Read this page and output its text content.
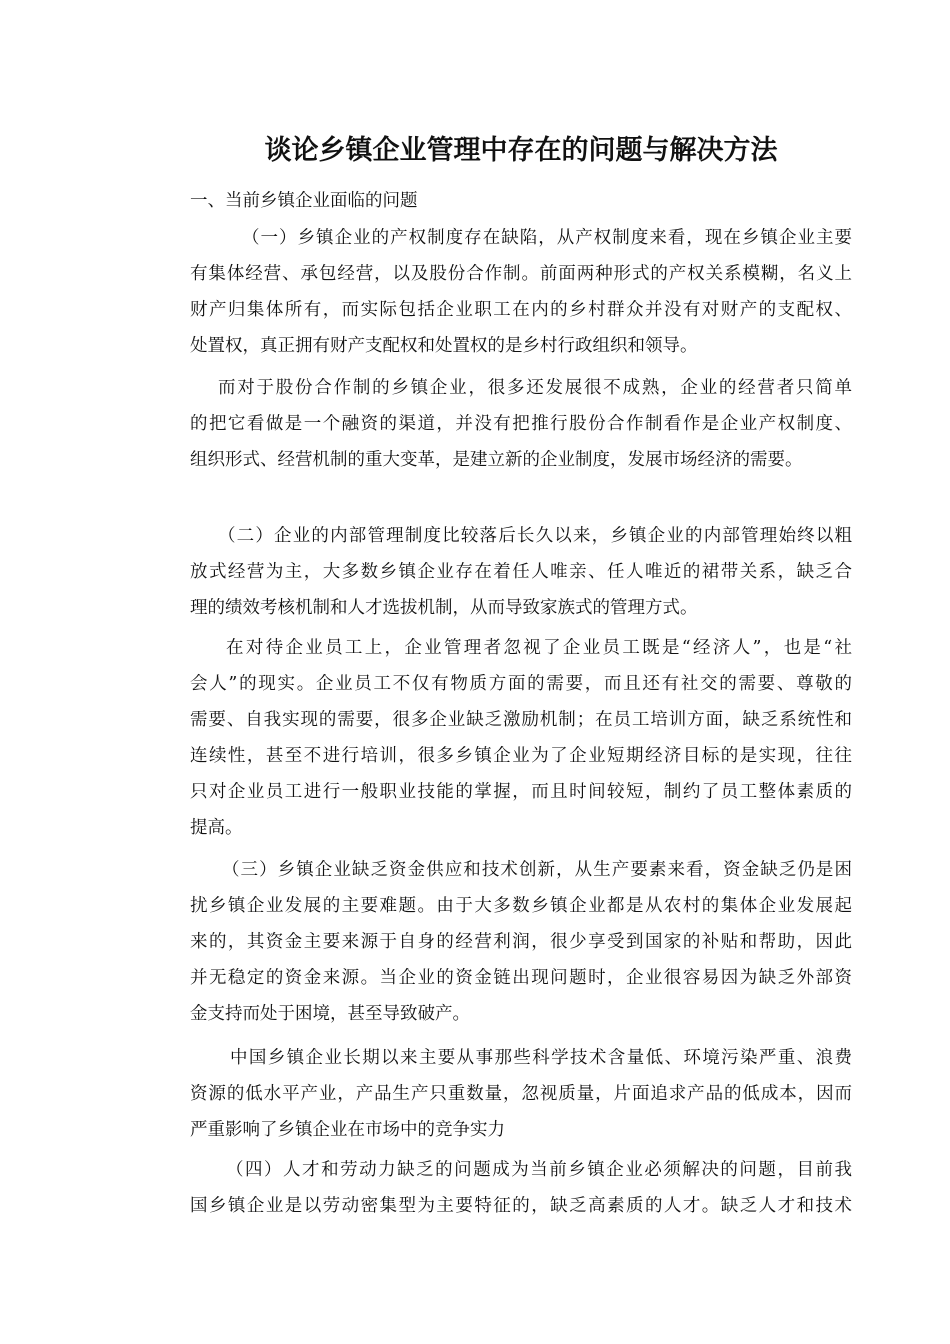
谈论乡镇企业管理中存在的问题与解决方法

一、当前乡镇企业面临的问题

（一）乡镇企业的产权制度存在缺陷，从产权制度来看，现在乡镇企业主要
有集体经营、承包经营，以及股份合作制。前面两种形式的产权关系模糊，名义上
财产归集体所有，而实际包括企业职工在内的乡村群众并没有对财产的支配权、
处置权，真正拥有财产支配权和处置权的是乡村行政组织和领导。
而对于股份合作制的乡镇企业，很多还发展很不成熟，企业的经营者只简单
的把它看做是一个融资的渠道，并没有把推行股份合作制看作是企业产权制度、
组织形式、经营机制的重大变革，是建立新的企业制度，发展市场经济的需要。
（二）企业的内部管理制度比较落后长久以来，乡镇企业的内部管理始终以粗
放式经营为主，大多数乡镇企业存在着任人唯亲、任人唯近的裙带关系，缺乏合
理的绩效考核机制和人才选拔机制，从而导致家族式的管理方式。
在对待企业员工上，企业管理者忽视了企业员工既是“经济人”，也是“社
会人”的现实。企业员工不仅有物质方面的需要，而且还有社交的需要、尊敬的
需要、自我实现的需要，很多企业缺乏激励机制；在员工培训方面，缺乏系统性和
连续性，甚至不进行培训，很多乡镇企业为了企业短期经济目标的是实现，往往
只对企业员工进行一般职业技能的掌握，而且时间较短，制约了员工整体素质的
提高。
（三）乡镇企业缺乏资金供应和技术创新，从生产要素来看，资金缺乏仍是困
扰乡镇企业发展的主要难题。由于大多数乡镇企业都是从农村的集体企业发展起
来的，其资金主要来源于自身的经营利润，很少享受到国家的补贴和帮助，因此
并无稳定的资金来源。当企业的资金链出现问题时，企业很容易因为缺乏外部资
金支持而处于困境，甚至导致破产。
中国乡镇企业长期以来主要从事那些科学技术含量低、环境污染严重、浪费
资源的低水平产业，产品生产只重数量，忽视质量，片面追求产品的低成本，因而
严重影响了乡镇企业在市场中的竞争实力
（四）人才和劳动力缺乏的问题成为当前乡镇企业必须解决的问题，目前我
国乡镇企业是以劳动密集型为主要特征的，缺乏高素质的人才。缺乏人才和技术
